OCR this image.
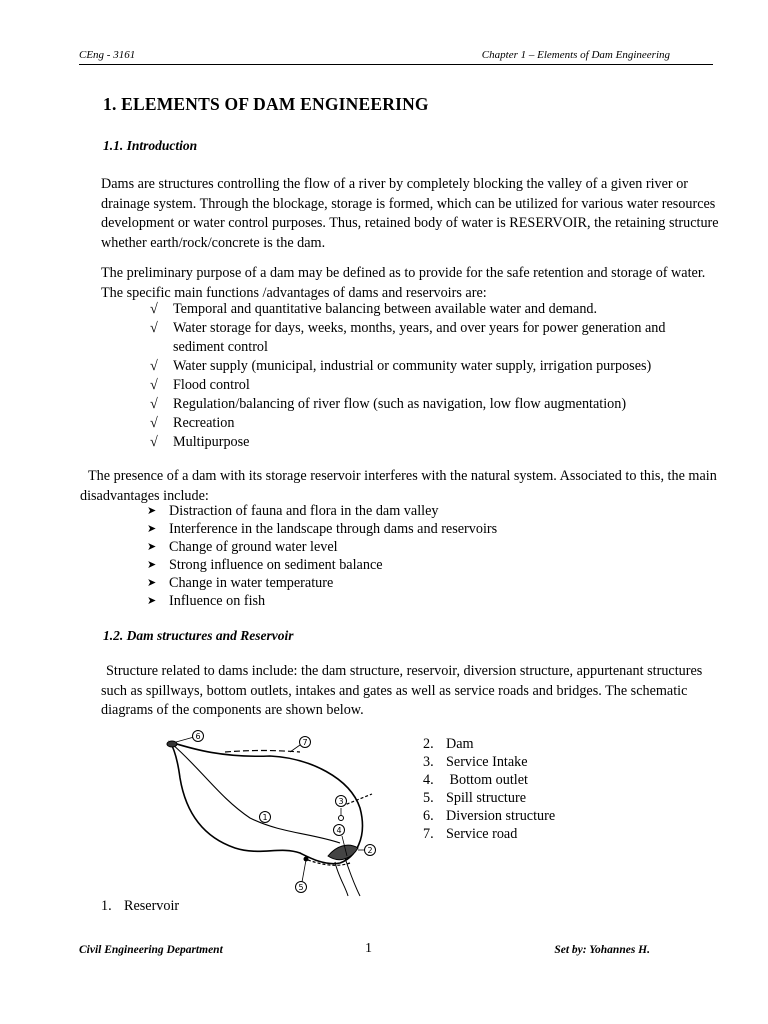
CEng - 3161	Chapter 1 – Elements of Dam Engineering
1. ELEMENTS OF DAM ENGINEERING
1.1. Introduction
Dams are structures controlling the flow of a river by completely blocking the valley of a given river or drainage system. Through the blockage, storage is formed, which can be utilized for various water resources development or water control purposes. Thus, retained body of water is RESERVOIR, the retaining structure whether earth/rock/concrete is the dam.
The preliminary purpose of a dam may be defined as to provide for the safe retention and storage of water. The specific main functions /advantages of dams and reservoirs are:
√ Temporal and quantitative balancing between available water and demand.
√ Water storage for days, weeks, months, years, and over years for power generation and sediment control
√ Water supply (municipal, industrial or community water supply, irrigation purposes)
√ Flood control
√ Regulation/balancing of river flow (such as navigation, low flow augmentation)
√ Recreation
√ Multipurpose
The presence of a dam with its storage reservoir interferes with the natural system. Associated to this, the main disadvantages include:
➤ Distraction of fauna and flora in the dam valley
➤ Interference in the landscape through dams and reservoirs
➤ Change of ground water level
➤ Strong influence on sediment balance
➤ Change in water temperature
➤ Influence on fish
1.2. Dam structures and Reservoir
Structure related to dams include: the dam structure, reservoir, diversion structure, appurtenant structures such as spillways, bottom outlets, intakes and gates as well as service roads and bridges. The schematic diagrams of the components are shown below.
6
7
3
1
4
2
5
2. Dam
3. Service Intake
4. Bottom outlet
5. Spill structure
6. Diversion structure
7. Service road
1. Reservoir
Civil Engineering Department	1	Set by: Yohannes H.
